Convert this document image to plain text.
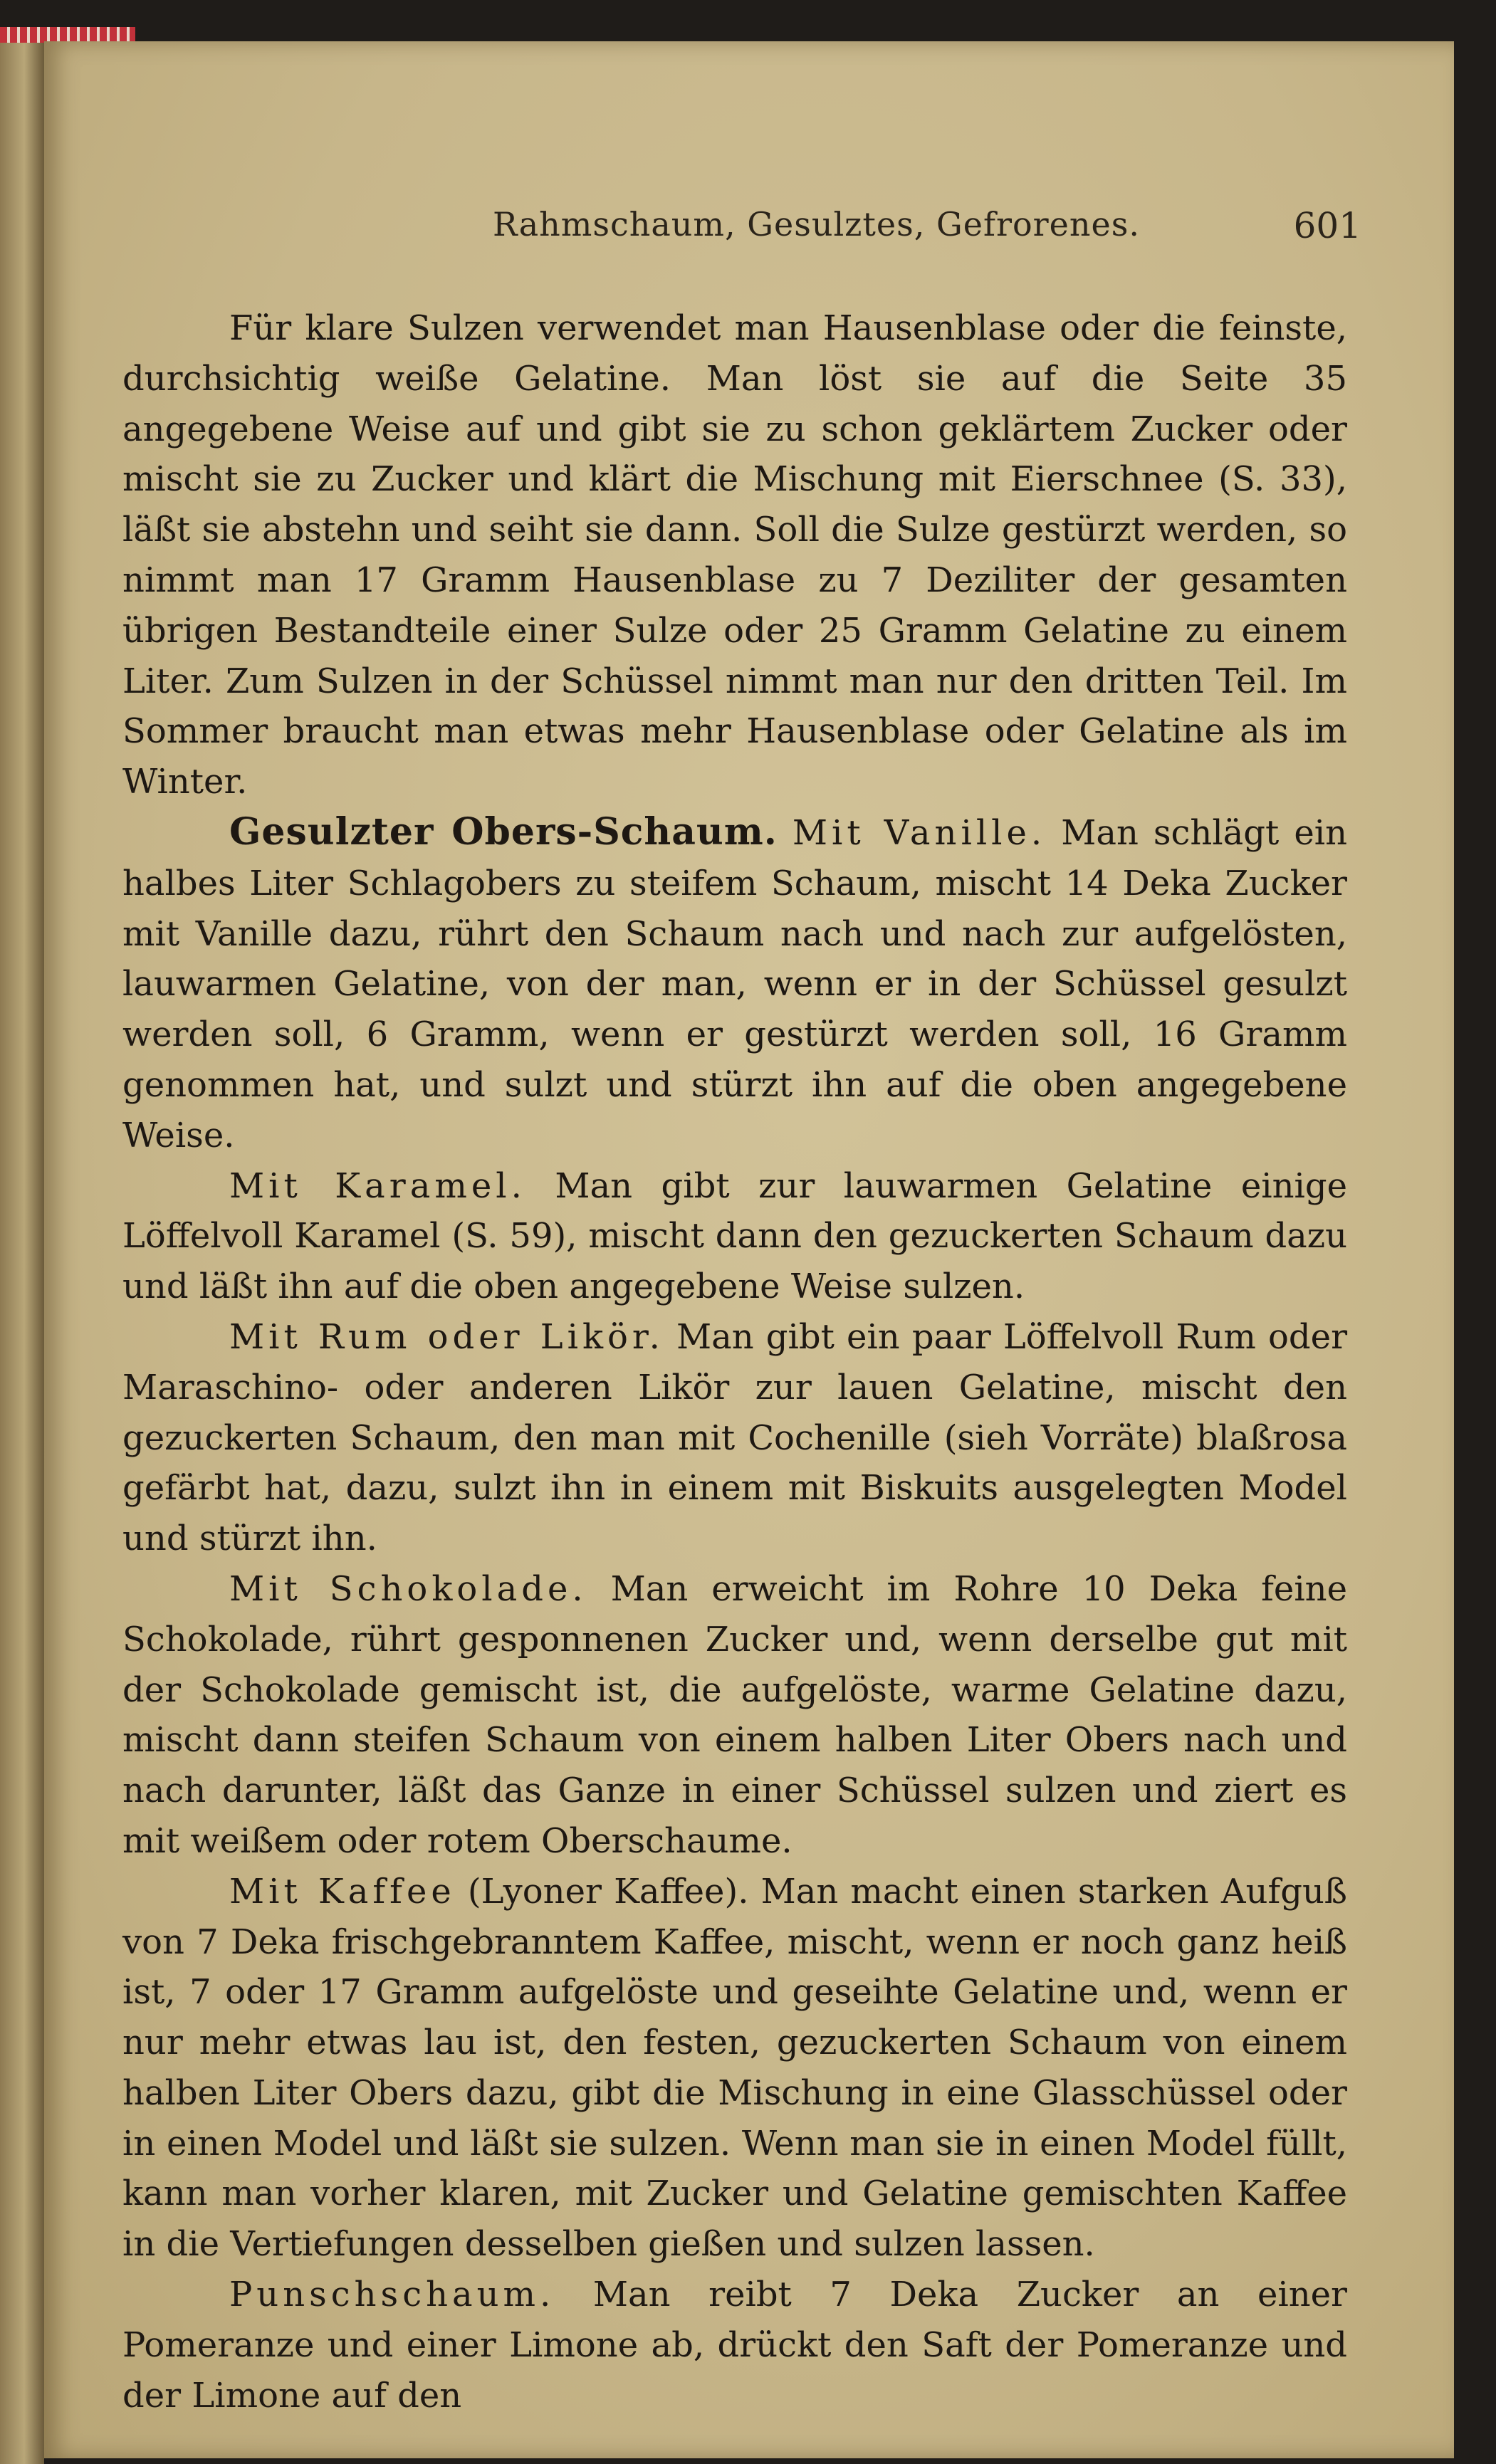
Rahmschaum, Gesulztes, Gefrorenes.	601

Für klare Sulzen verwendet man Hausenblase oder die feinste, durchsichtig weiße Gelatine. Man löst sie auf die Seite 35 angegebene Weise auf und gibt sie zu schon geklärtem Zucker oder mischt sie zu Zucker und klärt die Mischung mit Eierschnee (S. 33), läßt sie abstehn und seiht sie dann. Soll die Sulze gestürzt werden, so nimmt man 17 Gramm Hausenblase zu 7 Deziliter der gesamten übrigen Bestandteile einer Sulze oder 25 Gramm Gelatine zu einem Liter. Zum Sulzen in der Schüssel nimmt man nur den dritten Teil. Im Sommer braucht man etwas mehr Hausenblase oder Gelatine als im Winter.

Gesulzter Obers-Schaum. Mit Vanille. Man schlägt ein halbes Liter Schlagobers zu steifem Schaum, mischt 14 Deka Zucker mit Vanille dazu, rührt den Schaum nach und nach zur aufgelösten, lauwarmen Gelatine, von der man, wenn er in der Schüssel gesulzt werden soll, 6 Gramm, wenn er gestürzt werden soll, 16 Gramm genommen hat, und sulzt und stürzt ihn auf die oben angegebene Weise.

Mit Karamel. Man gibt zur lauwarmen Gelatine einige Löffelvoll Karamel (S. 59), mischt dann den gezuckerten Schaum dazu und läßt ihn auf die oben angegebene Weise sulzen.

Mit Rum oder Likör. Man gibt ein paar Löffelvoll Rum oder Maraschino- oder anderen Likör zur lauen Gelatine, mischt den gezuckerten Schaum, den man mit Cochenille (sieh Vorräte) blaßrosa gefärbt hat, dazu, sulzt ihn in einem mit Biskuits ausgelegten Model und stürzt ihn.

Mit Schokolade. Man erweicht im Rohre 10 Deka feine Schokolade, rührt gesponnenen Zucker und, wenn derselbe gut mit der Schokolade gemischt ist, die aufgelöste, warme Gelatine dazu, mischt dann steifen Schaum von einem halben Liter Obers nach und nach darunter, läßt das Ganze in einer Schüssel sulzen und ziert es mit weißem oder rotem Oberschaume.

Mit Kaffee (Lyoner Kaffee). Man macht einen starken Aufguß von 7 Deka frischgebranntem Kaffee, mischt, wenn er noch ganz heiß ist, 7 oder 17 Gramm aufgelöste und geseihte Gelatine und, wenn er nur mehr etwas lau ist, den festen, gezuckerten Schaum von einem halben Liter Obers dazu, gibt die Mischung in eine Glasschüssel oder in einen Model und läßt sie sulzen. Wenn man sie in einen Model füllt, kann man vorher klaren, mit Zucker und Gelatine gemischten Kaffee in die Vertiefungen desselben gießen und sulzen lassen.

Punschschaum. Man reibt 7 Deka Zucker an einer Pomeranze und einer Limone ab, drückt den Saft der Pomeranze und der Limone auf den
